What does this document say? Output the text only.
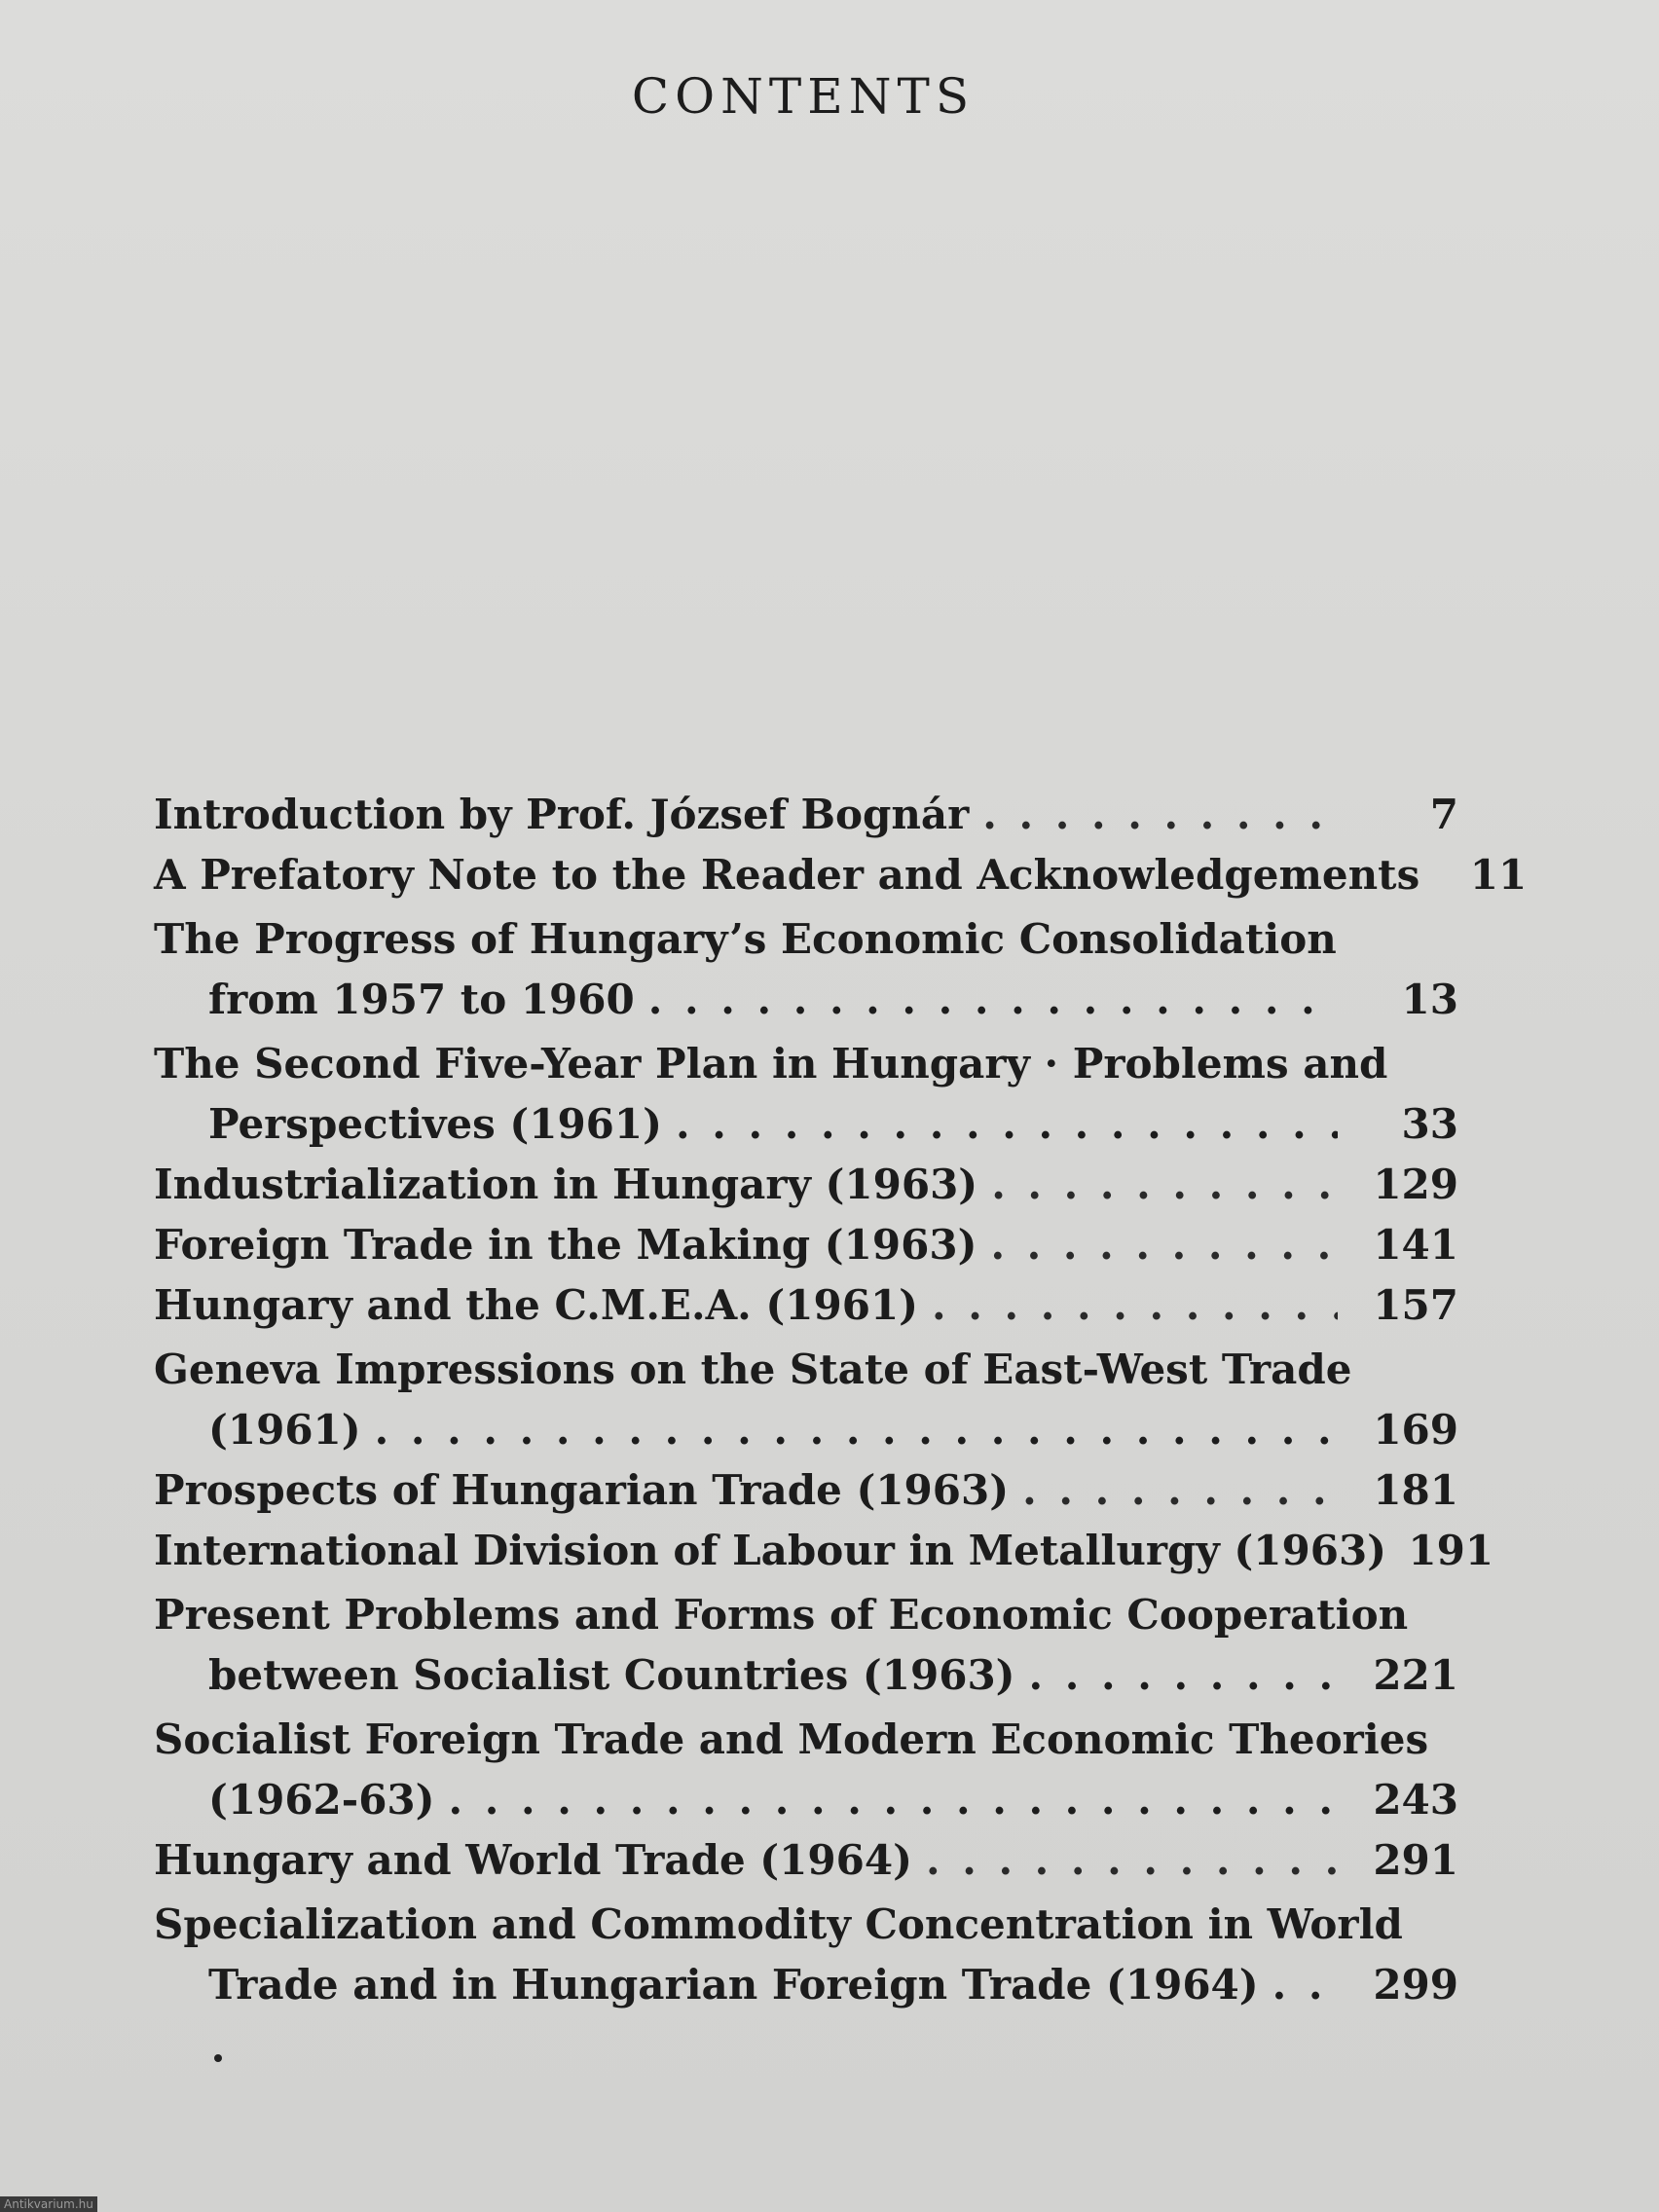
CONTENTS
Introduction by Prof. József Bognár . . .	7
A Prefatory Note to the Reader and Acknowledgements	11
The Progress of Hungary’s Economic Consolidation
from 1957 to 1960 . . .	13
The Second Five-Year Plan in Hungary · Problems and
Perspectives (1961) . . .	33
Industrialization in Hungary (1963) . . .	129
Foreign Trade in the Making (1963) . . .	141
Hungary and the C.M.E.A. (1961) . . .	157
Geneva Impressions on the State of East-West Trade
(1961) . . .	169
Prospects of Hungarian Trade (1963) . . .	181
International Division of Labour in Metallurgy (1963) 191
Present Problems and Forms of Economic Cooperation
between Socialist Countries (1963) . . .	221
Socialist Foreign Trade and Modern Economic Theories
(1962-63) . . .	243
Hungary and World Trade (1964) . . .	291
Specialization and Commodity Concentration in World
Trade and in Hungarian Foreign Trade (1964) . . .	299
Antikvarium.hu
